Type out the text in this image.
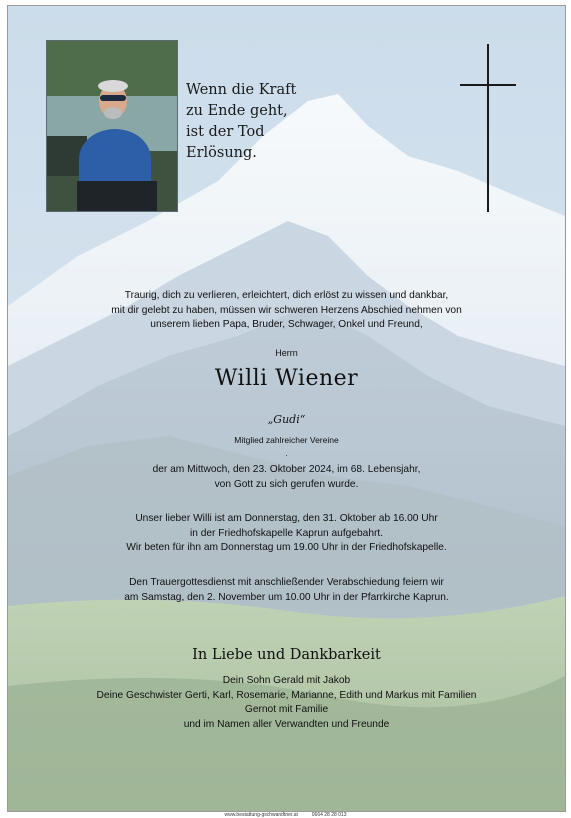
Wenn die Kraft
zu Ende geht,
ist der Tod
Erlösung.
Traurig, dich zu verlieren, erleichtert, dich erlöst zu wissen und dankbar,
mit dir gelebt zu haben, müssen wir schweren Herzens Abschied nehmen von
unserem lieben Papa, Bruder, Schwager, Onkel und Freund,
Herrn
Willi Wiener
„Gudi“
Mitglied zahlreicher Vereine
.
der am Mittwoch, den 23. Oktober 2024, im 68. Lebensjahr,
von Gott zu sich gerufen wurde.
Unser lieber Willi ist am Donnerstag, den 31. Oktober ab 16.00 Uhr
in der Friedhofskapelle Kaprun aufgebahrt.
Wir beten für ihn am Donnerstag um 19.00 Uhr in der Friedhofskapelle.
Den Trauergottesdienst mit anschließender Verabschiedung feiern wir
am Samstag, den 2. November um 10.00 Uhr in der Pfarrkirche Kaprun.
In Liebe und Dankbarkeit
Dein Sohn Gerald mit Jakob
Deine Geschwister Gerti, Karl, Rosemarie, Marianne, Edith und Markus mit Familien
Gernot mit Familie
und im Namen aller Verwandten und Freunde
www.bestattung-gschwandtner.at          0664 28 28 013
